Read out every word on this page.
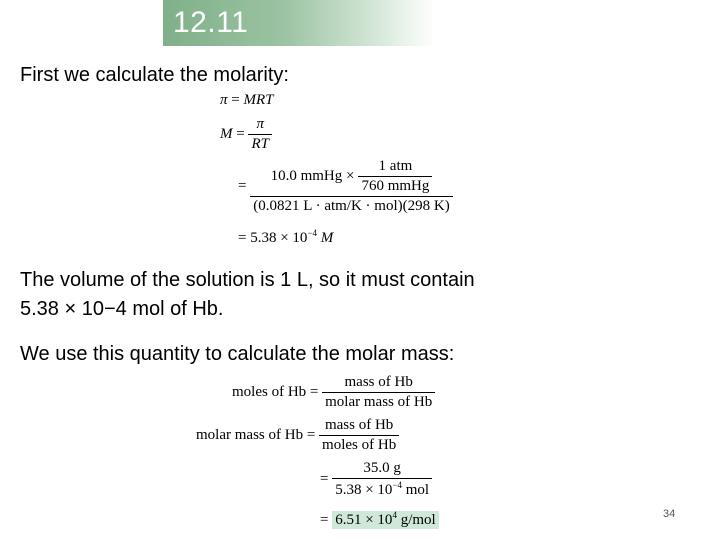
12.11
First we calculate the molarity:
π = MRT
$M = \frac{\pi}{RT}$
= $\frac{10.0 mmHg \times \frac{\text{1 atm}}{\text{760 mmHg}}}{\text{(0.0821 L · atm/K · mol)(298 K)}}$
= $5.38 \times 10^{-4}$ M
The volume of the solution is 1 L, so it must contain
5.38 × 10−4 mol of Hb.
We use this quantity to calculate the molar mass:
moles of $Hb = \frac{\text{mass of Hb}}{\text{molar mass of Hb}}$
molar mass of $Hb = \frac{\text{mass of Hb}}{\text{moles of Hb}}$
= $\frac{35.0 g}{5.38 \times 10^{-4} mol}$
= $6.51 \times 10^4$ g/mol	34
